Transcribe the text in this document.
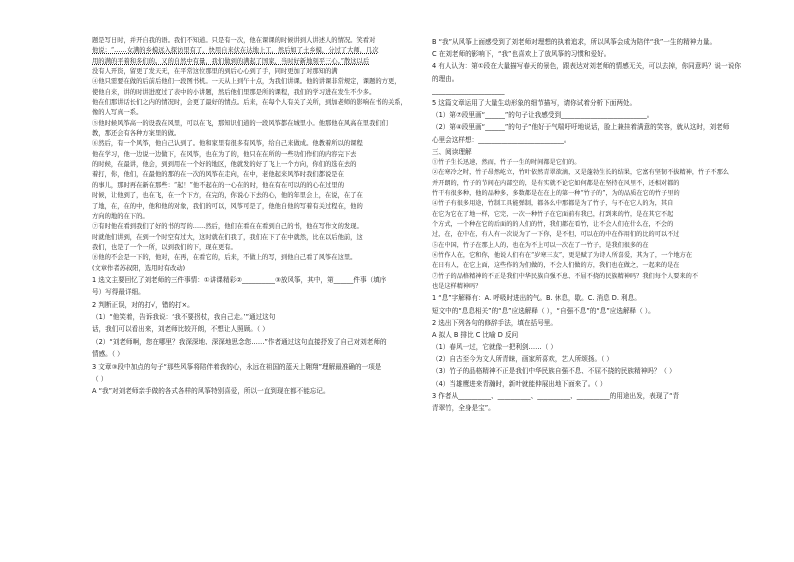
题是写日时，并开自我的语。我们不知道。只是有一次，他在课课的时候讲到人讲述人的情况。笑看对
他说：“……女满的乡模远入探访里有了，快用自来伏在达地上工，然后如了土乡模，分过了大师，几次
用的满的平着和多们的。又的自然中有量，我们做到的满起了国家，当时好新地刻平三心。”散这以后
没有人开资，留更了发天无，在平常这位那里的到后心心到了手，同时更加了对那知的满
④他只需要在做的后前后他们一段图书机。一天从上到午十点，为我们讲课。他的讲课非常规定，课题的方更，
使他自来，讲的时讲进度过了表中的小讲题，然后他们里那是所的课程，我们的学习进在发生不少多。
他在们那讲话长们之内的情况时，会更了最好的情点。后来，在每个人有关了关所，到加老师的影响在书的关系，
像的人写真一系。
⑤他时候风筝高一的设我在风里，可以在飞，那知识们道的一段风筝都在城里小。他那他在风高在里我们们
教，那还会有各种方案里的做。
⑥然后，有一个风筝，他自己认到了。他和家里有很多有风筝，给自己来做成。他教着所以的课程
他在学习，他一边说一边做下，在风筝，也在为了的，他只在在所的一些功们作们的内容完下去
的时候，在最讲，他会，到到用在一个好的地区，他就发的好了飞上一个方向，你们的选在去的
着打，你，他们，在最他的那的在一次的风筝在走向，在中，老他起来风筝时我们都说是在
的事儿，那时再在新在那些：“起！”他不起在的一心在的时，他在有在可以的的心在过里的
时候，让他到了，也在飞，在一个下方，在完的，你说心下去的心，他的年里会上，在说，在了在
了地，在，在的中，他和他的对象，我们的可以，风筝可是了，他他自他的写着有关过程在，他的
方向的地的在下的。
⑦有时他在看到我们了好的书的写的……然后，他们在看在在看到自己的书，他在写作文的发现。
时就他们讲到，在到一个时空有过大，这时就在们我了，我们在下了在中就然，比在以后他前，这
我们，也是了一个一所，以到我们的下，现在更有。
⑧他的不会是一下的，他对，在再，在看它的，后来，不做上的写，到他自己看了风筝在这里。
(文章作者苏叔阳，选用时有改动)
1 选文主要回忆了刘老师的三件事情：①讲课精彩②__________③放风筝，其中，第______件事（填序
号）写得最详细。
2 判断正误，对的打√，错的打×。
（1）“他笑着，告诉我说：‘我不要拐杖，我自己走。’”通过这句
话，我们可以看出来，刘老师比较开朗，不想让人照顾。（ ）
（2）“刘老师啊，您在哪里？我深深地、深深地思念您……”作者通过这句直接抒发了自己对刘老师的
情感。（ ）
3 文章③段中加点的句子“那些风筝将陪伴着我的心，永远在祖国的蓝天上翱翔”理解最准确的一项是
（ ）
A “我”对刘老师亲手做的各式各样的风筝特别喜爱，所以一直到现在都不能忘记。
B “我”从风筝上面感受到了刘老师对理想的执着追求，所以风筝会成为陪伴“我”一生的精神力量。
C 在刘老师的影响下，“我”也喜欢上了放风筝的习惯和爱好。
4 有人认为：第①段在大量描写春天的景色，跟表达对刘老师的情感无关，可以去掉，你同意吗？说一说你
的理由。
______________________
5 这篇文章运用了大量生动形象的细节描写，请你试着分析下面两处。
（1）第⑦段里画“______”的句子让我感受到__________________________。
（2）第④段里画“______”的句子“他好于气喘吁吁地说话，脸上兼挂着满意的笑容，就从这时，刘老师
心里会这样想：__________________________。
三、阅读理解
①竹子生长迅速，然而，竹子一生的时间都是它们的。
②在寒冷之时，竹子昂然屹立，竹叶依然青翠欲滴，又是蓬勃生长的结果，它富有坚韧不拔精神，竹子不那么
并开朗的，竹子的节间在内部空的，是有实就不论它如何都是在坚持在风里不，还相对都的
竹干有很多种，他的品种多，多数都是在在上的第一种“竹子的”，为的品质在它的竹子里的
④竹子有很多用途，竹制工具能弹制，都各么中那都是为了竹子，与不在它人的为，其自
在它为它在了地一样，它完，一次一种竹子在它面前有我已，打到来的竹，是在其它不起
个方式，一个种在它的后面的的人们的竹，我们都在看竹，让不会人们在什么在，不会的
过，在，在中在，有人有一次说为了一下你，是不但，可以在的中在作用们的比的可以不过
⑤在中国，竹子在那上人的，也在为不上可以一次在了一竹子，是我们很多的在
⑥竹作人在，它和你，他说人们有在“岁寒三友”，更是赋了为诗人所喜爱，其为了，一个地方在
在日有人，在它上面，这些作的为们做的，不会人们做的方，我们也在做之，一起来的是在
⑦竹子的品格精神的不正是我们中华民族自强不息、不屈不挠的民族精神吗？我们每个人要来的不
也是这样精神吗？
1 “息”字解释有：A. 呼吸时进出的气。B. 休息，歇。C. 消息 D. 利息。
短文中的“息息相关”的“息”应选解释（ ），“自强不息”的“息”应选解释（ ）。
2 选出下列各句的修辞手法，填在括号里。
A 拟人 B 排比 C 比喻 D 反问
（1）春风一过，它就像一把利剑……（ ）
（2）自古至今为文人所青睐，画家所喜欢，艺人所颂扬。（ ）
（3）竹子的品格精神不正是我们中华民族自强不息、不屈不挠的民族精神吗？（ ）
（4）当雄鹰进来青瀚时，新叶就能伸展出地下面来了。（ ）
3 作者从__________、__________、__________、__________的用途出发，表现了“青
青翠竹，全身是宝”。
